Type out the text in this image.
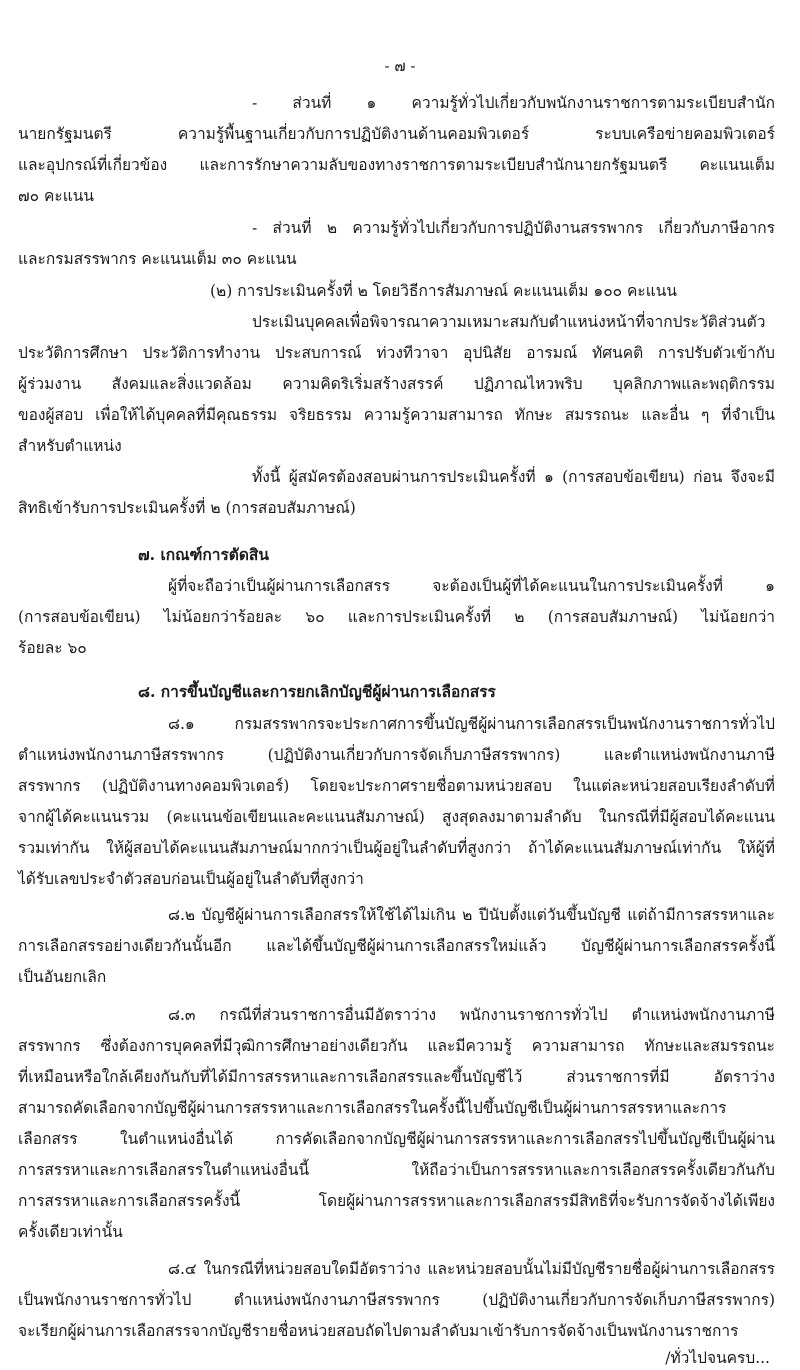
- ๗ -
- ส่วนที่ ๑ ความรู้ทั่วไปเกี่ยวกับพนักงานราชการตามระเบียบสำนัก
นายกรัฐมนตรี ความรู้พื้นฐานเกี่ยวกับการปฏิบัติงานด้านคอมพิวเตอร์ ระบบเครือข่ายคอมพิวเตอร์
และอุปกรณ์ที่เกี่ยวข้อง และการรักษาความลับของทางราชการตามระเบียบสำนักนายกรัฐมนตรี คะแนนเต็ม
๗๐ คะแนน
- ส่วนที่ ๒ ความรู้ทั่วไปเกี่ยวกับการปฏิบัติงานสรรพากร เกี่ยวกับภาษีอากร
และกรมสรรพากร คะแนนเต็ม ๓๐ คะแนน
(๒) การประเมินครั้งที่ ๒ โดยวิธีการสัมภาษณ์ คะแนนเต็ม ๑๐๐ คะแนน
ประเมินบุคคลเพื่อพิจารณาความเหมาะสมกับตำแหน่งหน้าที่จากประวัติส่วนตัว
ประวัติการศึกษา ประวัติการทำงาน ประสบการณ์ ท่วงทีวาจา อุปนิสัย อารมณ์ ทัศนคติ การปรับตัวเข้ากับ
ผู้ร่วมงาน สังคมและสิ่งแวดล้อม ความคิดริเริ่มสร้างสรรค์ ปฏิภาณไหวพริบ บุคลิกภาพและพฤติกรรม
ของผู้สอบ เพื่อให้ได้บุคคลที่มีคุณธรรม จริยธรรม ความรู้ความสามารถ ทักษะ สมรรถนะ และอื่น ๆ ที่จำเป็น
สำหรับตำแหน่ง
ทั้งนี้ ผู้สมัครต้องสอบผ่านการประเมินครั้งที่ ๑ (การสอบข้อเขียน) ก่อน จึงจะมี
สิทธิเข้ารับการประเมินครั้งที่ ๒ (การสอบสัมภาษณ์)
๗. เกณฑ์การตัดสิน
ผู้ที่จะถือว่าเป็นผู้ผ่านการเลือกสรร จะต้องเป็นผู้ที่ได้คะแนนในการประเมินครั้งที่ ๑
(การสอบข้อเขียน) ไม่น้อยกว่าร้อยละ ๖๐ และการประเมินครั้งที่ ๒ (การสอบสัมภาษณ์) ไม่น้อยกว่า
ร้อยละ ๖๐
๘. การขึ้นบัญชีและการยกเลิกบัญชีผู้ผ่านการเลือกสรร
๘.๑ กรมสรรพากรจะประกาศการขึ้นบัญชีผู้ผ่านการเลือกสรรเป็นพนักงานราชการทั่วไป
ตำแหน่งพนักงานภาษีสรรพากร (ปฏิบัติงานเกี่ยวกับการจัดเก็บภาษีสรรพากร) และตำแหน่งพนักงานภาษี
สรรพากร (ปฏิบัติงานทางคอมพิวเตอร์) โดยจะประกาศรายชื่อตามหน่วยสอบ ในแต่ละหน่วยสอบเรียงลำดับที่
จากผู้ได้คะแนนรวม (คะแนนข้อเขียนและคะแนนสัมภาษณ์) สูงสุดลงมาตามลำดับ ในกรณีที่มีผู้สอบได้คะแนน
รวมเท่ากัน ให้ผู้สอบได้คะแนนสัมภาษณ์มากกว่าเป็นผู้อยู่ในลำดับที่สูงกว่า ถ้าได้คะแนนสัมภาษณ์เท่ากัน ให้ผู้ที่
ได้รับเลขประจำตัวสอบก่อนเป็นผู้อยู่ในลำดับที่สูงกว่า
๘.๒ บัญชีผู้ผ่านการเลือกสรรให้ใช้ได้ไม่เกิน ๒ ปีนับตั้งแต่วันขึ้นบัญชี แต่ถ้ามีการสรรหาและ
การเลือกสรรอย่างเดียวกันนั้นอีก และได้ขึ้นบัญชีผู้ผ่านการเลือกสรรใหม่แล้ว บัญชีผู้ผ่านการเลือกสรรครั้งนี้
เป็นอันยกเลิก
๘.๓ กรณีที่ส่วนราชการอื่นมีอัตราว่าง พนักงานราชการทั่วไป ตำแหน่งพนักงานภาษี
สรรพากร ซึ่งต้องการบุคคลที่มีวุฒิการศึกษาอย่างเดียวกัน และมีความรู้ ความสามารถ ทักษะและสมรรถนะ
ที่เหมือนหรือใกล้เคียงกันกับที่ได้มีการสรรหาและการเลือกสรรและขึ้นบัญชีไว้ ส่วนราชการที่มี อัตราว่าง
สามารถคัดเลือกจากบัญชีผู้ผ่านการสรรหาและการเลือกสรรในครั้งนี้ไปขึ้นบัญชีเป็นผู้ผ่านการสรรหาและการ
เลือกสรร ในตำแหน่งอื่นได้ การคัดเลือกจากบัญชีผู้ผ่านการสรรหาและการเลือกสรรไปขึ้นบัญชีเป็นผู้ผ่าน
การสรรหาและการเลือกสรรในตำแหน่งอื่นนี้ ให้ถือว่าเป็นการสรรหาและการเลือกสรรครั้งเดียวกันกับ
การสรรหาและการเลือกสรรครั้งนี้ โดยผู้ผ่านการสรรหาและการเลือกสรรมีสิทธิที่จะรับการจัดจ้างได้เพียง
ครั้งเดียวเท่านั้น
๘.๔ ในกรณีที่หน่วยสอบใดมีอัตราว่าง และหน่วยสอบนั้นไม่มีบัญชีรายชื่อผู้ผ่านการเลือกสรร
เป็นพนักงานราชการทั่วไป ตำแหน่งพนักงานภาษีสรรพากร (ปฏิบัติงานเกี่ยวกับการจัดเก็บภาษีสรรพากร)
จะเรียกผู้ผ่านการเลือกสรรจากบัญชีรายชื่อหน่วยสอบถัดไปตามลำดับมาเข้ารับการจัดจ้างเป็นพนักงานราชการ
/ทั่วไปจนครบ...
